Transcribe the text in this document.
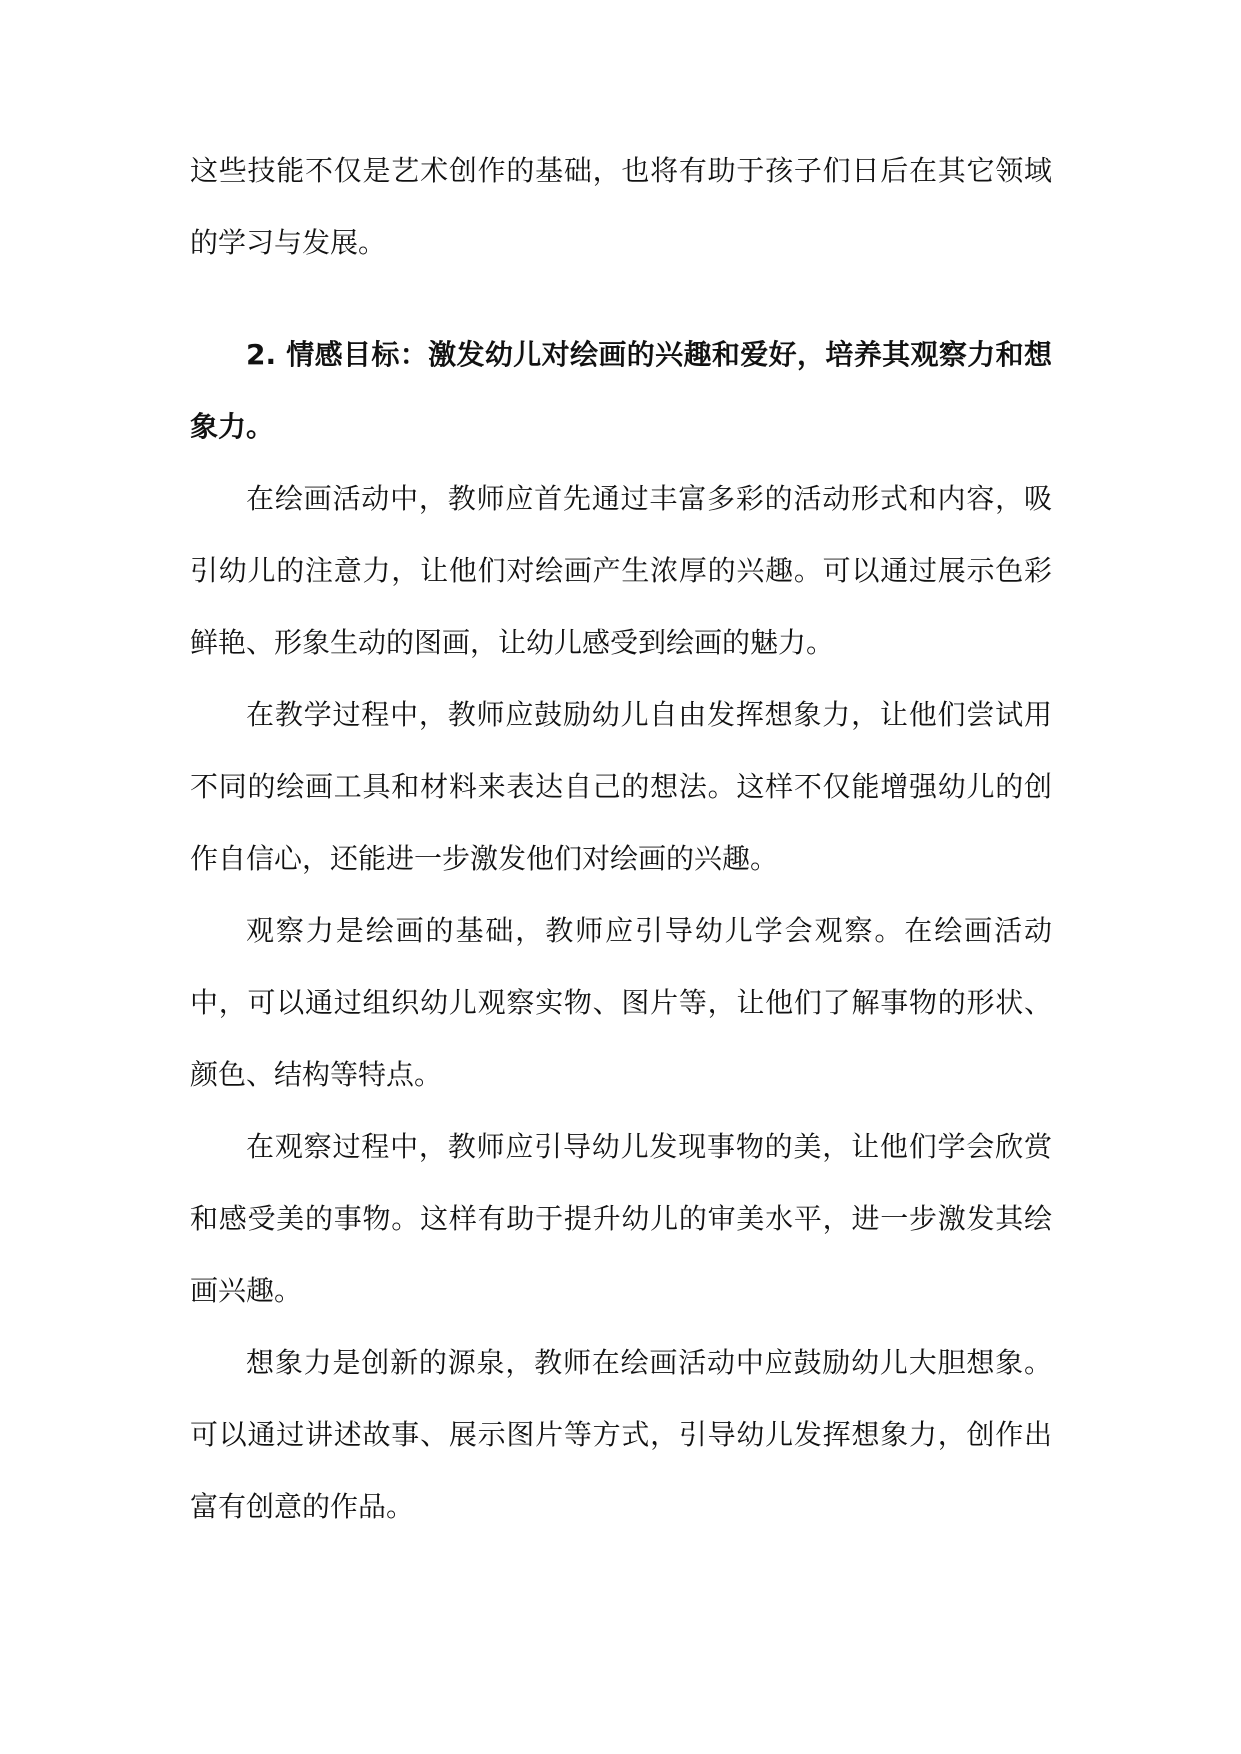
这些技能不仅是艺术创作的基础，也将有助于孩子们日后在其它领域的学习与发展。

2. 情感目标：激发幼儿对绘画的兴趣和爱好，培养其观察力和想象力。

在绘画活动中，教师应首先通过丰富多彩的活动形式和内容，吸引幼儿的注意力，让他们对绘画产生浓厚的兴趣。可以通过展示色彩鲜艳、形象生动的图画，让幼儿感受到绘画的魅力。

在教学过程中，教师应鼓励幼儿自由发挥想象力，让他们尝试用不同的绘画工具和材料来表达自己的想法。这样不仅能增强幼儿的创作自信心，还能进一步激发他们对绘画的兴趣。

观察力是绘画的基础，教师应引导幼儿学会观察。在绘画活动中，可以通过组织幼儿观察实物、图片等，让他们了解事物的形状、颜色、结构等特点。

在观察过程中，教师应引导幼儿发现事物的美，让他们学会欣赏和感受美的事物。这样有助于提升幼儿的审美水平，进一步激发其绘画兴趣。

想象力是创新的源泉，教师在绘画活动中应鼓励幼儿大胆想象。可以通过讲述故事、展示图片等方式，引导幼儿发挥想象力，创作出富有创意的作品。
